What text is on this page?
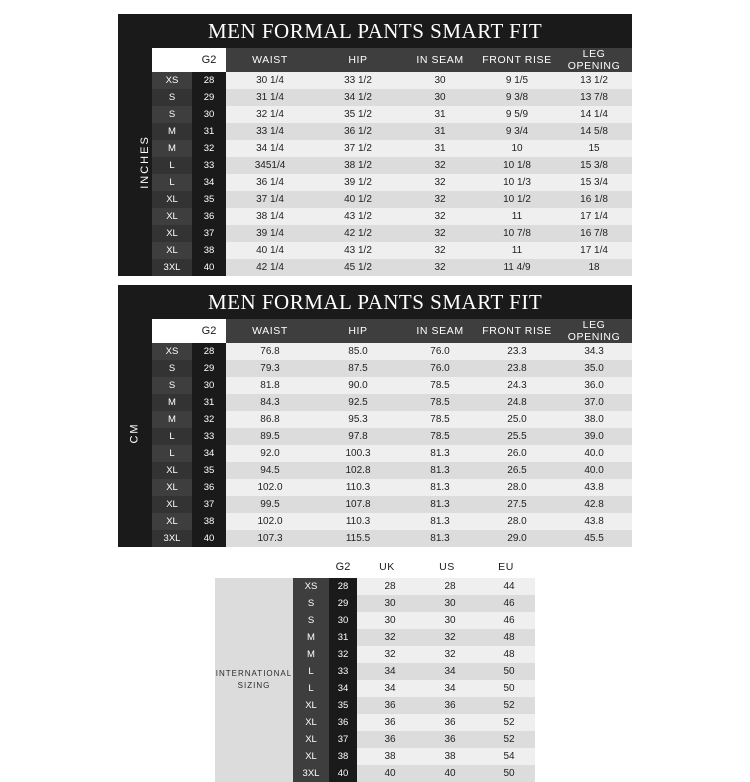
MEN FORMAL PANTS SMART FIT							
INCHES		G2	WAIST	HIP	IN SEAM	FRONT RISE	LEG OPENING
	XS	28	30 1/4	33 1/2	30	9 1/5	13 1/2
	S	29	31 1/4	34 1/2	30	9 3/8	13 7/8
	S	30	32 1/4	35 1/2	31	9 5/9	14 1/4
	M	31	33 1/4	36 1/2	31	9 3/4	14 5/8
	M	32	34 1/4	37 1/2	31	10	15
	L	33	3451/4	38 1/2	32	10 1/8	15 3/8
	L	34	36 1/4	39 1/2	32	10 1/3	15 3/4
	XL	35	37 1/4	40 1/2	32	10 1/2	16 1/8
	XL	36	38 1/4	43 1/2	32	11	17 1/4
	XL	37	39 1/4	42 1/2	32	10 7/8	16 7/8
	XL	38	40 1/4	43 1/2	32	11	17 1/4
	3XL	40	42 1/4	45 1/2	32	11 4/9	18
MEN FORMAL PANTS SMART FIT							
CM		G2	WAIST	HIP	IN SEAM	FRONT RISE	LEG OPENING
	XS	28	76.8	85.0	76.0	23.3	34.3
	S	29	79.3	87.5	76.0	23.8	35.0
	S	30	81.8	90.0	78.5	24.3	36.0
	M	31	84.3	92.5	78.5	24.8	37.0
	M	32	86.8	95.3	78.5	25.0	38.0
	L	33	89.5	97.8	78.5	25.5	39.0
	L	34	92.0	100.3	81.3	26.0	40.0
	XL	35	94.5	102.8	81.3	26.5	40.0
	XL	36	102.0	110.3	81.3	28.0	43.8
	XL	37	99.5	107.8	81.3	27.5	42.8
	XL	38	102.0	110.3	81.3	28.0	43.8
	3XL	40	107.3	115.5	81.3	29.0	45.5
		G2	UK	US	EU
INTERNATIONAL SIZING	XS	28	28	28	44
	S	29	30	30	46
	S	30	30	30	46
	M	31	32	32	48
	M	32	32	32	48
	L	33	34	34	50
	L	34	34	34	50
	XL	35	36	36	52
	XL	36	36	36	52
	XL	37	36	36	52
	XL	38	38	38	54
	3XL	40	40	40	50
